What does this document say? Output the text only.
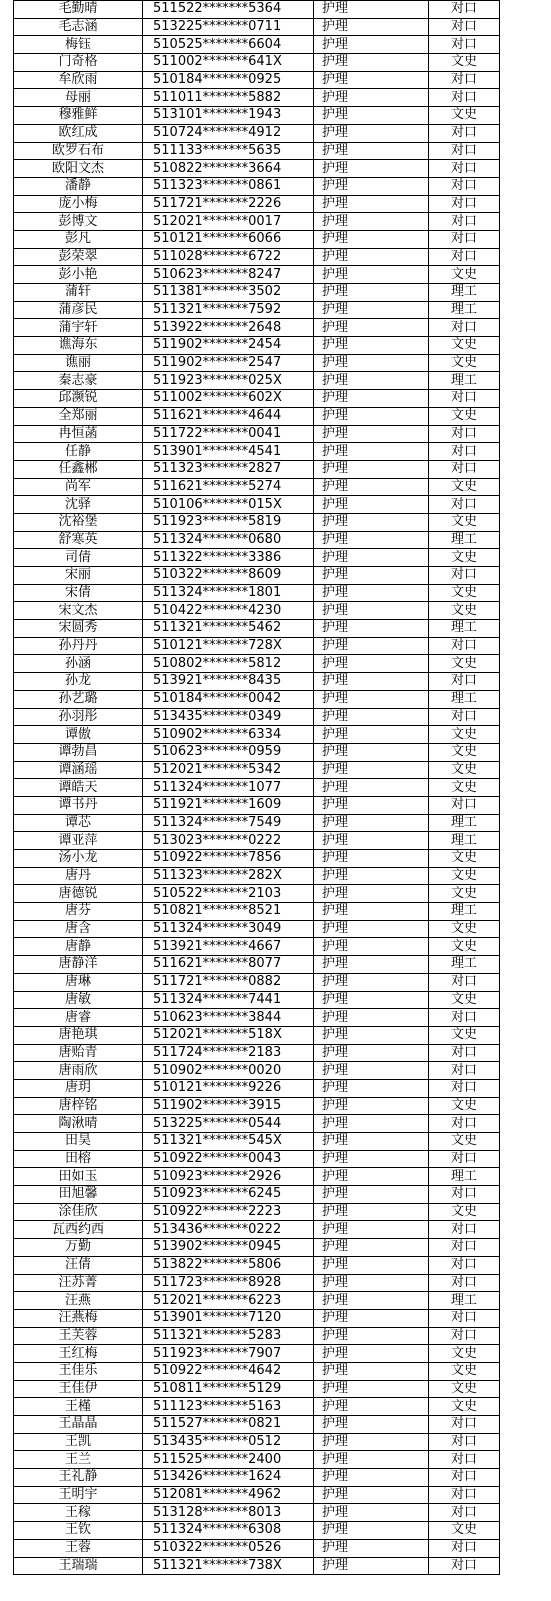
毛勤晴	511522*******5364	护理	对口
毛志涵	513225*******0711	护理	对口
梅钰	510525*******6604	护理	对口
门奇格	511002*******641X	护理	文史
牟欣雨	510184*******0925	护理	对口
母丽	511011*******5882	护理	对口
穆雅鲜	513101*******1943	护理	文史
欧红成	510724*******4912	护理	对口
欧罗石布	511133*******5635	护理	对口
欧阳文杰	510822*******3664	护理	对口
潘静	511323*******0861	护理	对口
庞小梅	511721*******2226	护理	对口
彭博文	512021*******0017	护理	对口
彭凡	510121*******6066	护理	对口
彭荣翠	511028*******6722	护理	对口
彭小艳	510623*******8247	护理	文史
蒲轩	511381*******3502	护理	理工
蒲彦民	511321*******7592	护理	理工
蒲宇轩	513922*******2648	护理	对口
谯海东	511902*******2454	护理	文史
谯丽	511902*******2547	护理	文史
秦志豪	511923*******025X	护理	理工
邱濒锐	511002*******602X	护理	对口
全郑丽	511621*******4644	护理	文史
冉恒菡	511722*******0041	护理	对口
任静	513901*******4541	护理	对口
任鑫郴	511323*******2827	护理	对口
尚军	511621*******5274	护理	文史
沈驿	510106*******015X	护理	对口
沈裕堡	511923*******5819	护理	文史
舒寒英	511324*******0680	护理	理工
司倩	511322*******3386	护理	文史
宋丽	510322*******8609	护理	对口
宋倩	511324*******1801	护理	文史
宋文杰	510422*******4230	护理	文史
宋圆秀	511321*******5462	护理	理工
孙丹丹	510121*******728X	护理	对口
孙涵	510802*******5812	护理	文史
孙龙	513921*******8435	护理	对口
孙艺璐	510184*******0042	护理	理工
孙羽彤	513435*******0349	护理	对口
谭傲	510902*******6334	护理	文史
谭勃昌	510623*******0959	护理	文史
谭涵瑶	512021*******5342	护理	文史
谭皓天	511324*******1077	护理	文史
谭书丹	511921*******1609	护理	对口
谭芯	511324*******7549	护理	理工
谭亚萍	513023*******0222	护理	理工
汤小龙	510922*******7856	护理	文史
唐丹	511323*******282X	护理	文史
唐德锐	510522*******2103	护理	文史
唐芬	510821*******8521	护理	理工
唐含	511324*******3049	护理	文史
唐静	513921*******4667	护理	文史
唐静洋	511621*******8077	护理	理工
唐琳	511721*******0882	护理	对口
唐敏	511324*******7441	护理	文史
唐睿	510623*******3844	护理	对口
唐艳琪	512021*******518X	护理	文史
唐贻青	511724*******2183	护理	对口
唐雨欣	510902*******0020	护理	对口
唐玥	510121*******9226	护理	对口
唐梓铭	511902*******3915	护理	文史
陶湫晴	513225*******0544	护理	对口
田昊	511321*******545X	护理	文史
田榕	510922*******0043	护理	对口
田如玉	510923*******2926	护理	理工
田旭馨	510923*******6245	护理	对口
涂佳欣	510922*******2223	护理	文史
瓦西约西	513436*******0222	护理	对口
万勤	513902*******0945	护理	对口
汪倩	513822*******5806	护理	对口
汪苏菁	511723*******8928	护理	对口
汪燕	512021*******6223	护理	理工
汪燕梅	513901*******7120	护理	对口
王芙蓉	511321*******5283	护理	对口
王红梅	511923*******7907	护理	文史
王佳乐	510922*******4642	护理	文史
王佳伊	510811*******5129	护理	文史
王槿	511123*******5163	护理	文史
王晶晶	511527*******0821	护理	对口
王凯	513435*******0512	护理	对口
王兰	511525*******2400	护理	对口
王礼静	513426*******1624	护理	对口
王明宇	512081*******4962	护理	对口
王稼	513128*******8013	护理	对口
王钦	511324*******6308	护理	文史
王蓉	510322*******0526	护理	对口
王瑞瑞	511321*******738X	护理	对口
